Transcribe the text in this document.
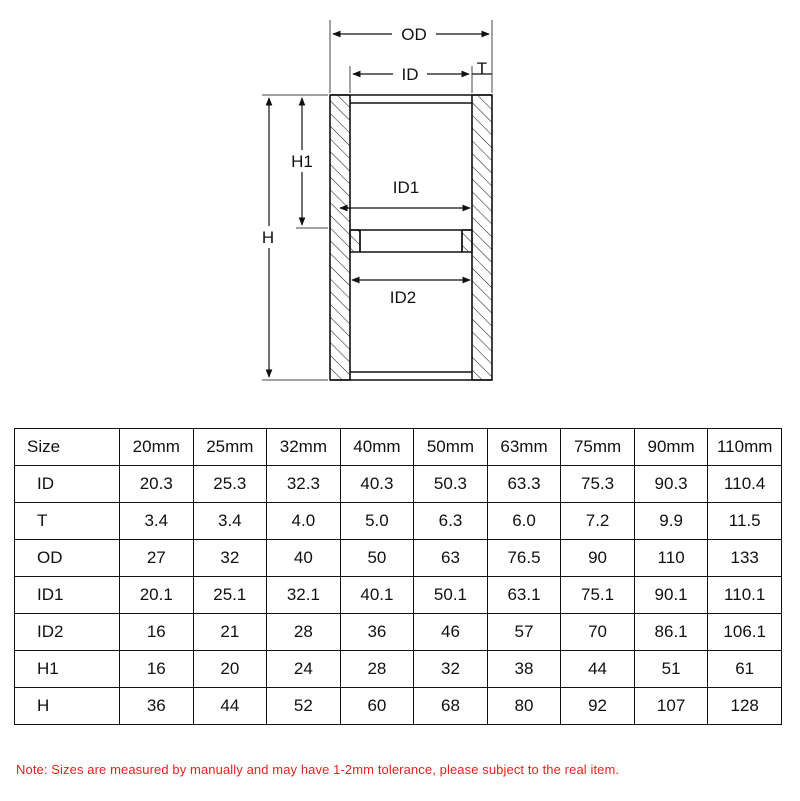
OD
ID	T
H
H1
ID1
ID2
Size	20mm	25mm	32mm	40mm	50mm	63mm	75mm	90mm	110mm
ID	20.3	25.3	32.3	40.3	50.3	63.3	75.3	90.3	110.4
T	3.4	3.4	4.0	5.0	6.3	6.0	7.2	9.9	11.5
OD	27	32	40	50	63	76.5	90	110	133
ID1	20.1	25.1	32.1	40.1	50.1	63.1	75.1	90.1	110.1
ID2	16	21	28	36	46	57	70	86.1	106.1
H1	16	20	24	28	32	38	44	51	61
H	36	44	52	60	68	80	92	107	128
Note: Sizes are measured by manually and may have 1-2mm tolerance, please subject to the real item.
